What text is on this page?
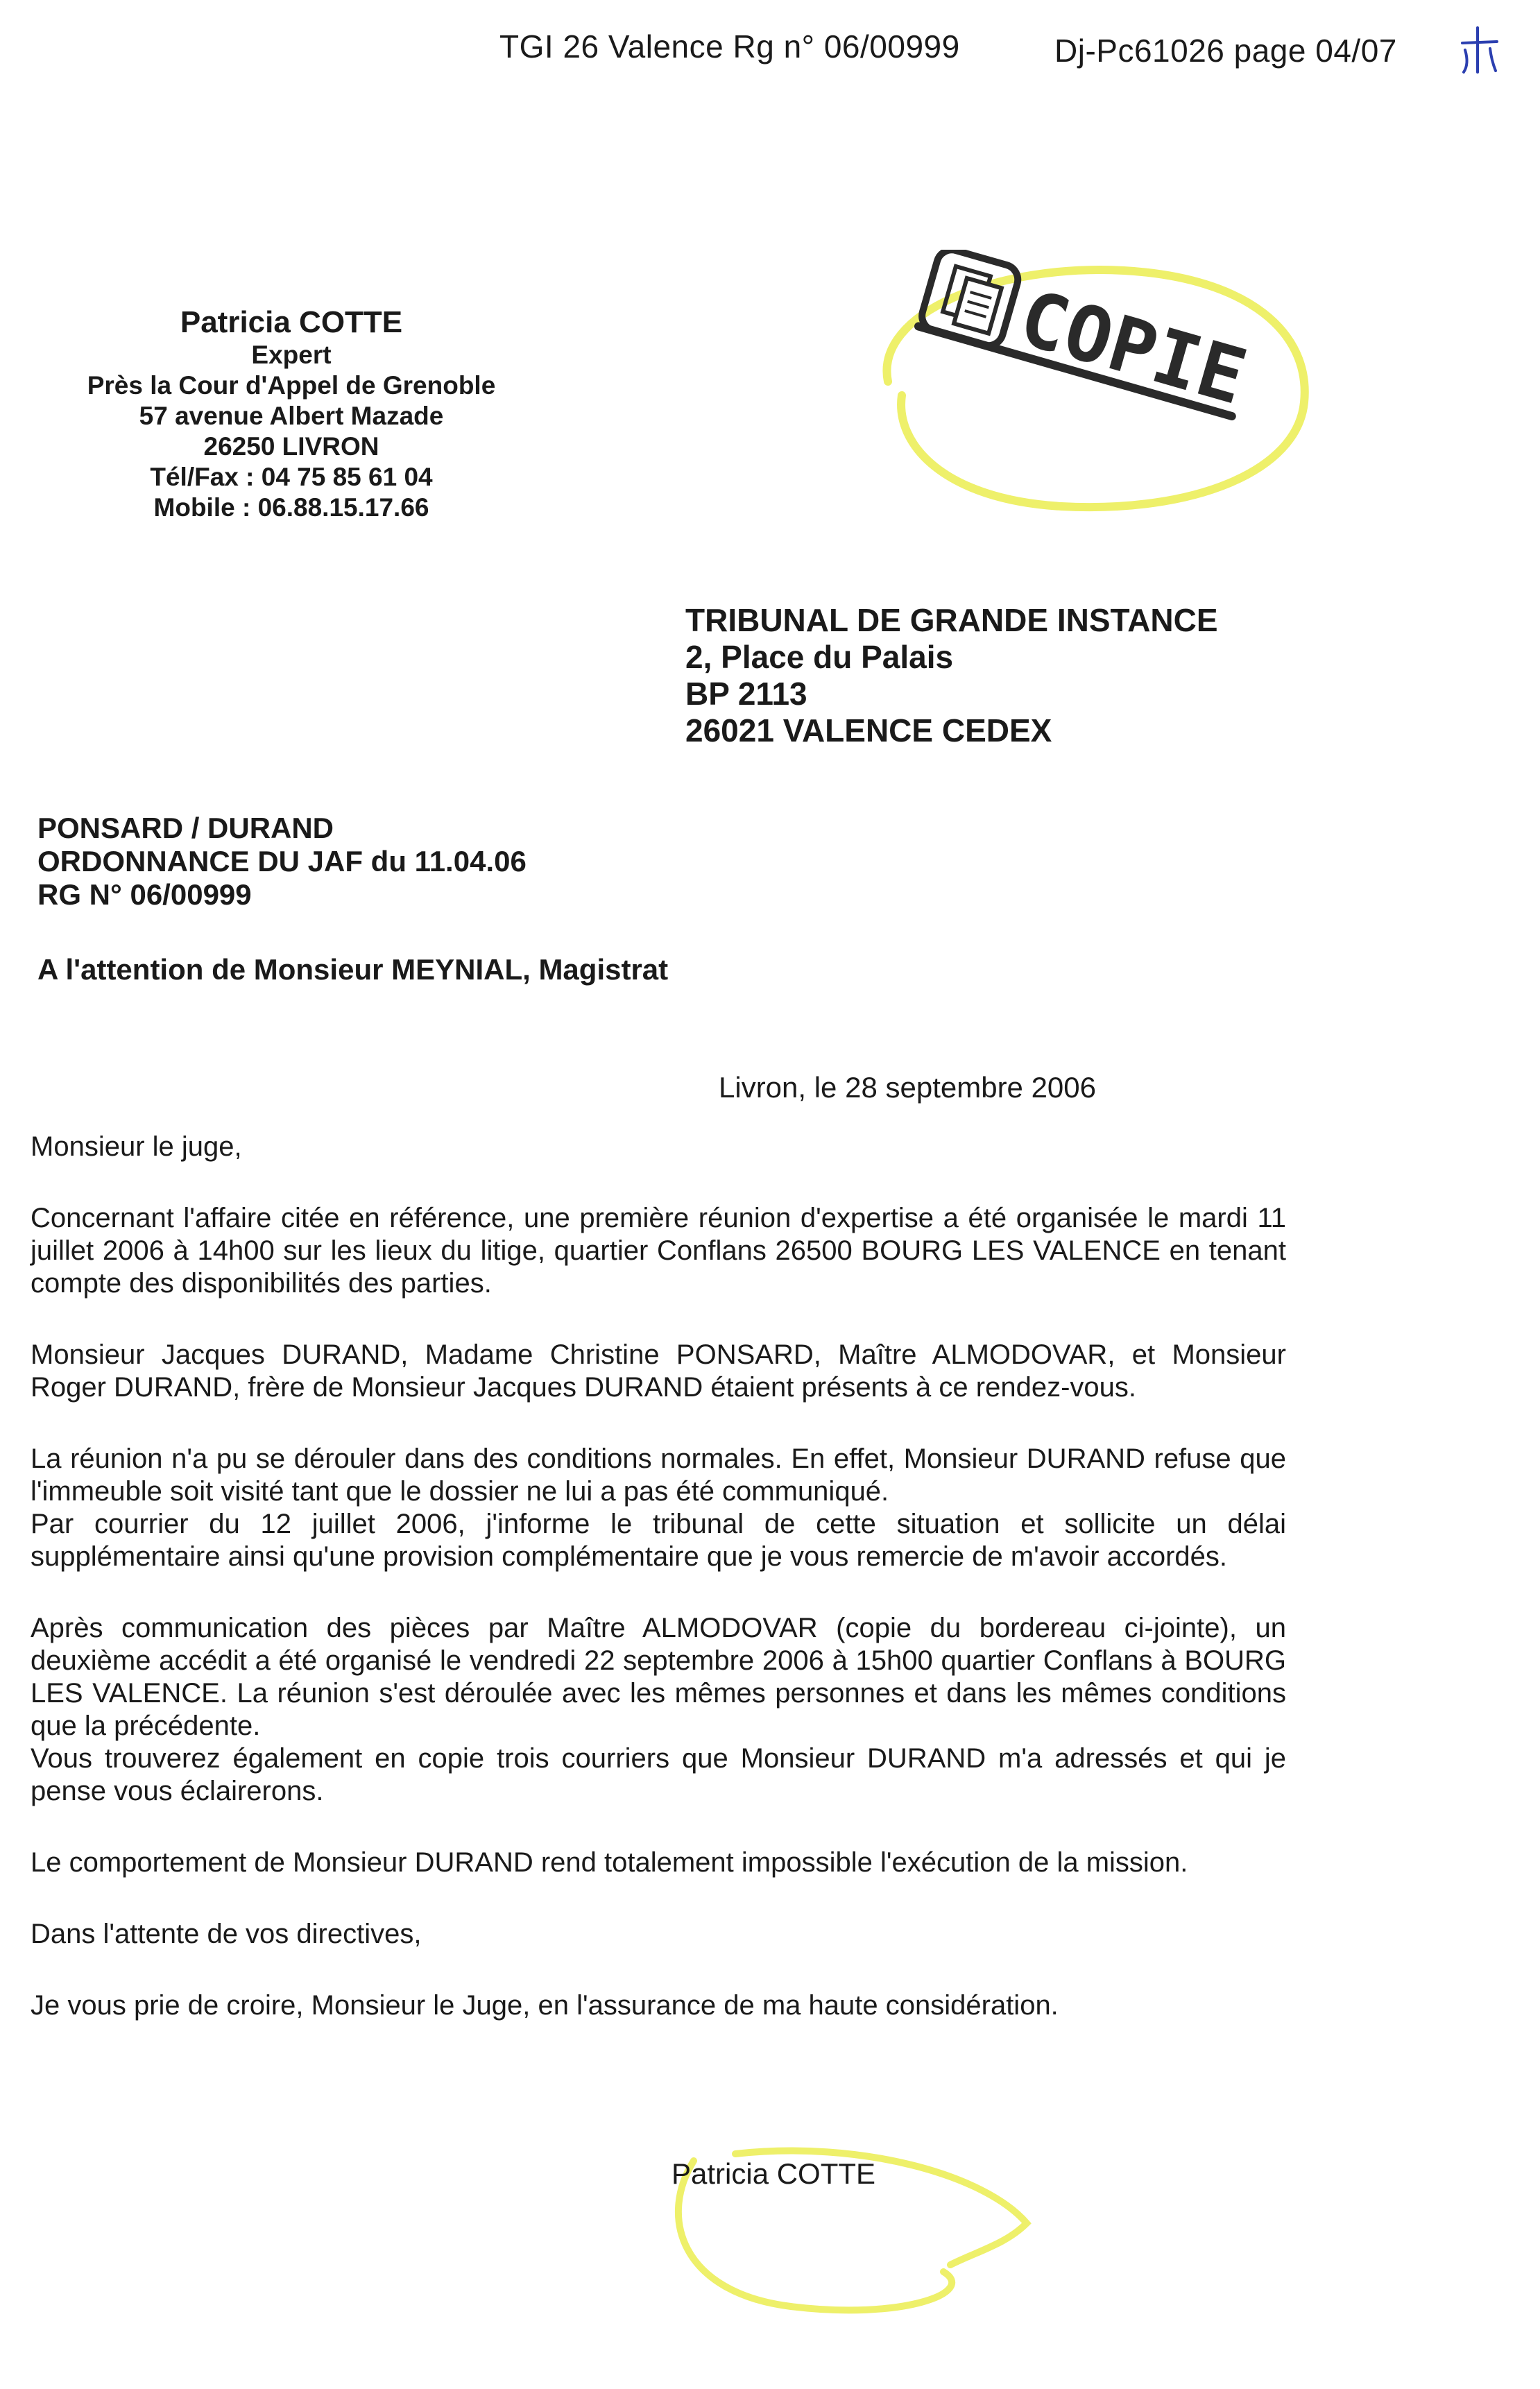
TGI 26 Valence Rg n° 06/00999	Dj-Pc61026 page 04/07
Patricia COTTE
Expert
Près la Cour d'Appel de Grenoble
57 avenue Albert Mazade
26250 LIVRON
Tél/Fax : 04 75 85 61 04
Mobile : 06.88.15.17.66
COPIE
TRIBUNAL DE GRANDE INSTANCE
2, Place du Palais
BP 2113
26021 VALENCE CEDEX
PONSARD / DURAND
ORDONNANCE DU JAF du 11.04.06
RG N° 06/00999
A l'attention de Monsieur MEYNIAL, Magistrat
Livron, le 28 septembre 2006

Monsieur le juge,

Concernant l'affaire citée en référence, une première réunion d'expertise a été organisée le mardi 11 juillet 2006 à 14h00 sur les lieux du litige, quartier Conflans 26500 BOURG LES VALENCE en tenant compte des disponibilités des parties.

Monsieur Jacques DURAND, Madame Christine PONSARD, Maître ALMODOVAR, et Monsieur Roger DURAND, frère de Monsieur Jacques DURAND étaient présents à ce rendez-vous.

La réunion n'a pu se dérouler dans des conditions normales. En effet, Monsieur DURAND refuse que l'immeuble soit visité tant que le dossier ne lui a pas été communiqué.

Par courrier du 12 juillet 2006, j'informe le tribunal de cette situation et sollicite un délai supplémentaire ainsi qu'une provision complémentaire que je vous remercie de m'avoir accordés.

Après communication des pièces par Maître ALMODOVAR (copie du bordereau ci-jointe), un deuxième accédit a été organisé le vendredi 22 septembre 2006 à 15h00 quartier Conflans à BOURG LES VALENCE. La réunion s'est déroulée avec les mêmes personnes et dans les mêmes conditions que la précédente.

Vous trouverez également en copie trois courriers que Monsieur DURAND m'a adressés et qui je pense vous éclairerons.

Le comportement de Monsieur DURAND rend totalement impossible l'exécution de la mission.

Dans l'attente de vos directives,

Je vous prie de croire, Monsieur le Juge, en l'assurance de ma haute considération.

Patricia COTTE
